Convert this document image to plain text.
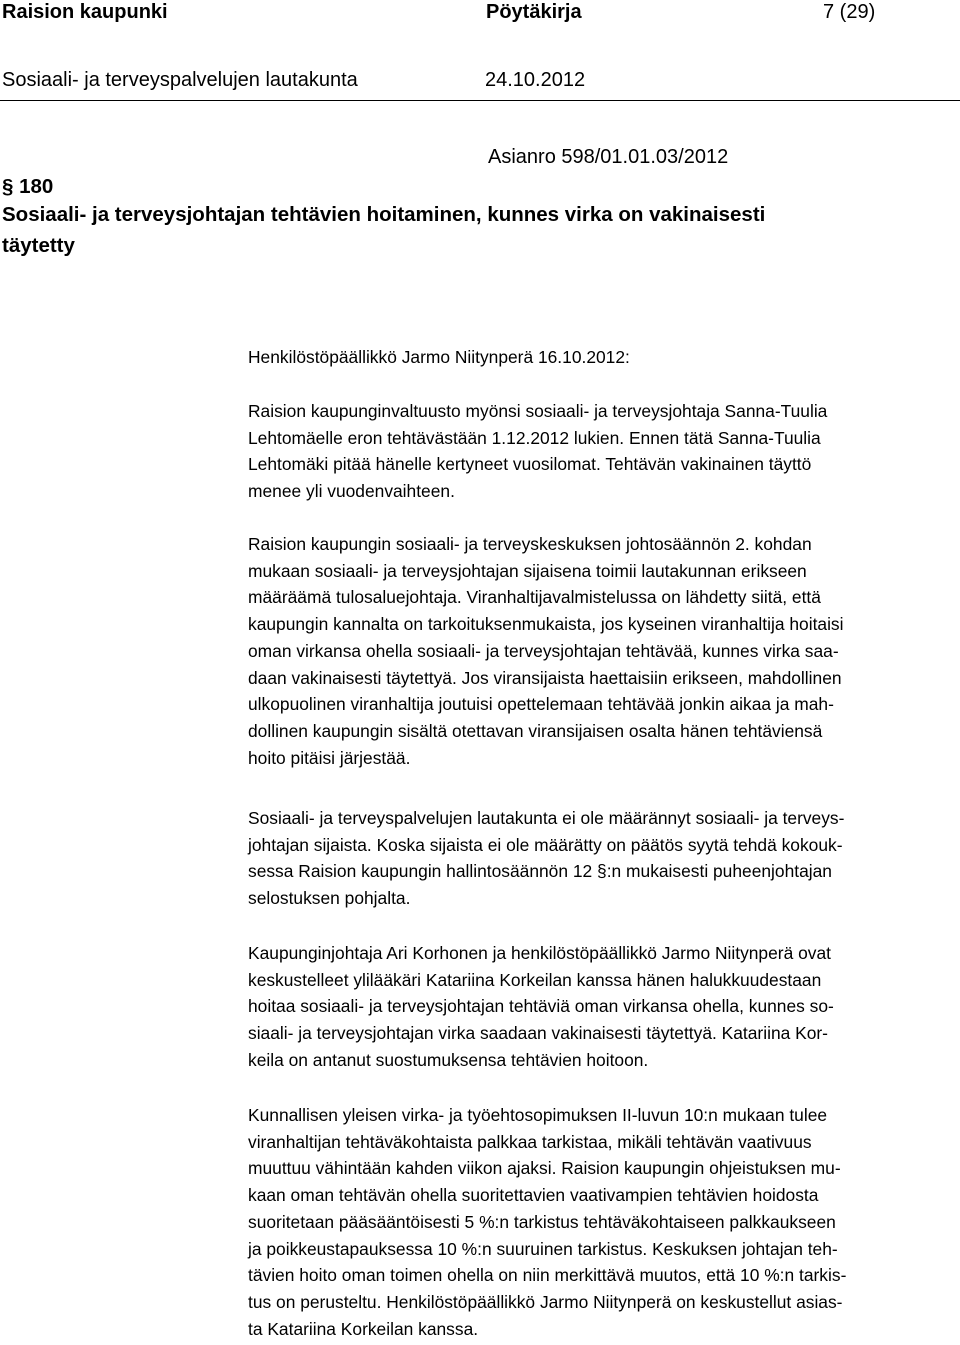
Raision kaupunki	Pöytäkirja	7 (29)
Sosiaali- ja terveyspalvelujen lautakunta	24.10.2012
Asianro 598/01.01.03/2012
§ 180
Sosiaali- ja terveysjohtajan tehtävien hoitaminen, kunnes virka on vakinaisesti
täytetty
Henkilöstöpäällikkö Jarmo Niitynperä 16.10.2012:
Raision kaupunginvaltuusto myönsi sosiaali- ja terveysjohtaja Sanna-Tuulia
Lehtomäelle eron tehtävästään 1.12.2012 lukien. Ennen tätä Sanna-Tuulia
Lehtomäki pitää hänelle kertyneet vuosilomat. Tehtävän vakinainen täyttö
menee yli vuodenvaihteen.
Raision kaupungin sosiaali- ja terveyskeskuksen johtosäännön 2. kohdan
mukaan sosiaali- ja terveysjohtajan sijaisena toimii lautakunnan erikseen
määräämä tulosaluejohtaja. Viranhaltijavalmistelussa on lähdetty siitä, että
kaupungin kannalta on tarkoituksenmukaista, jos kyseinen viranhaltija hoitaisi
oman virkansa ohella sosiaali- ja terveysjohtajan tehtävää, kunnes virka saa-
daan vakinaisesti täytettyä. Jos viransijaista haettaisiin erikseen, mahdollinen
ulkopuolinen viranhaltija joutuisi opettelemaan tehtävää jonkin aikaa ja mah-
dollinen kaupungin sisältä otettavan viransijaisen osalta hänen tehtäviensä
hoito pitäisi järjestää.
Sosiaali- ja terveyspalvelujen lautakunta ei ole määrännyt sosiaali- ja terveys-
johtajan sijaista. Koska sijaista ei ole määrätty on päätös syytä tehdä kokouk-
sessa Raision kaupungin hallintosäännön 12 §:n mukaisesti puheenjohtajan
selostuksen pohjalta.
Kaupunginjohtaja Ari Korhonen ja henkilöstöpäällikkö Jarmo Niitynperä ovat
keskustelleet ylilääkäri Katariina Korkeilan kanssa hänen halukkuudestaan
hoitaa sosiaali- ja terveysjohtajan tehtäviä oman virkansa ohella, kunnes so-
siaali- ja terveysjohtajan virka saadaan vakinaisesti täytettyä. Katariina Kor-
keila on antanut suostumuksensa tehtävien hoitoon.
Kunnallisen yleisen virka- ja työehtosopimuksen II-luvun 10:n mukaan tulee
viranhaltijan tehtäväkohtaista palkkaa tarkistaa, mikäli tehtävän vaativuus
muuttuu vähintään kahden viikon ajaksi. Raision kaupungin ohjeistuksen mu-
kaan oman tehtävän ohella suoritettavien vaativampien tehtävien hoidosta
suoritetaan pääsääntöisesti 5 %:n tarkistus tehtäväkohtaiseen palkkaukseen
ja poikkeustapauksessa 10 %:n suuruinen tarkistus. Keskuksen johtajan teh-
tävien hoito oman toimen ohella on niin merkittävä muutos, että 10 %:n tarkis-
tus on perusteltu. Henkilöstöpäällikkö Jarmo Niitynperä on keskustellut asias-
ta Katariina Korkeilan kanssa.
